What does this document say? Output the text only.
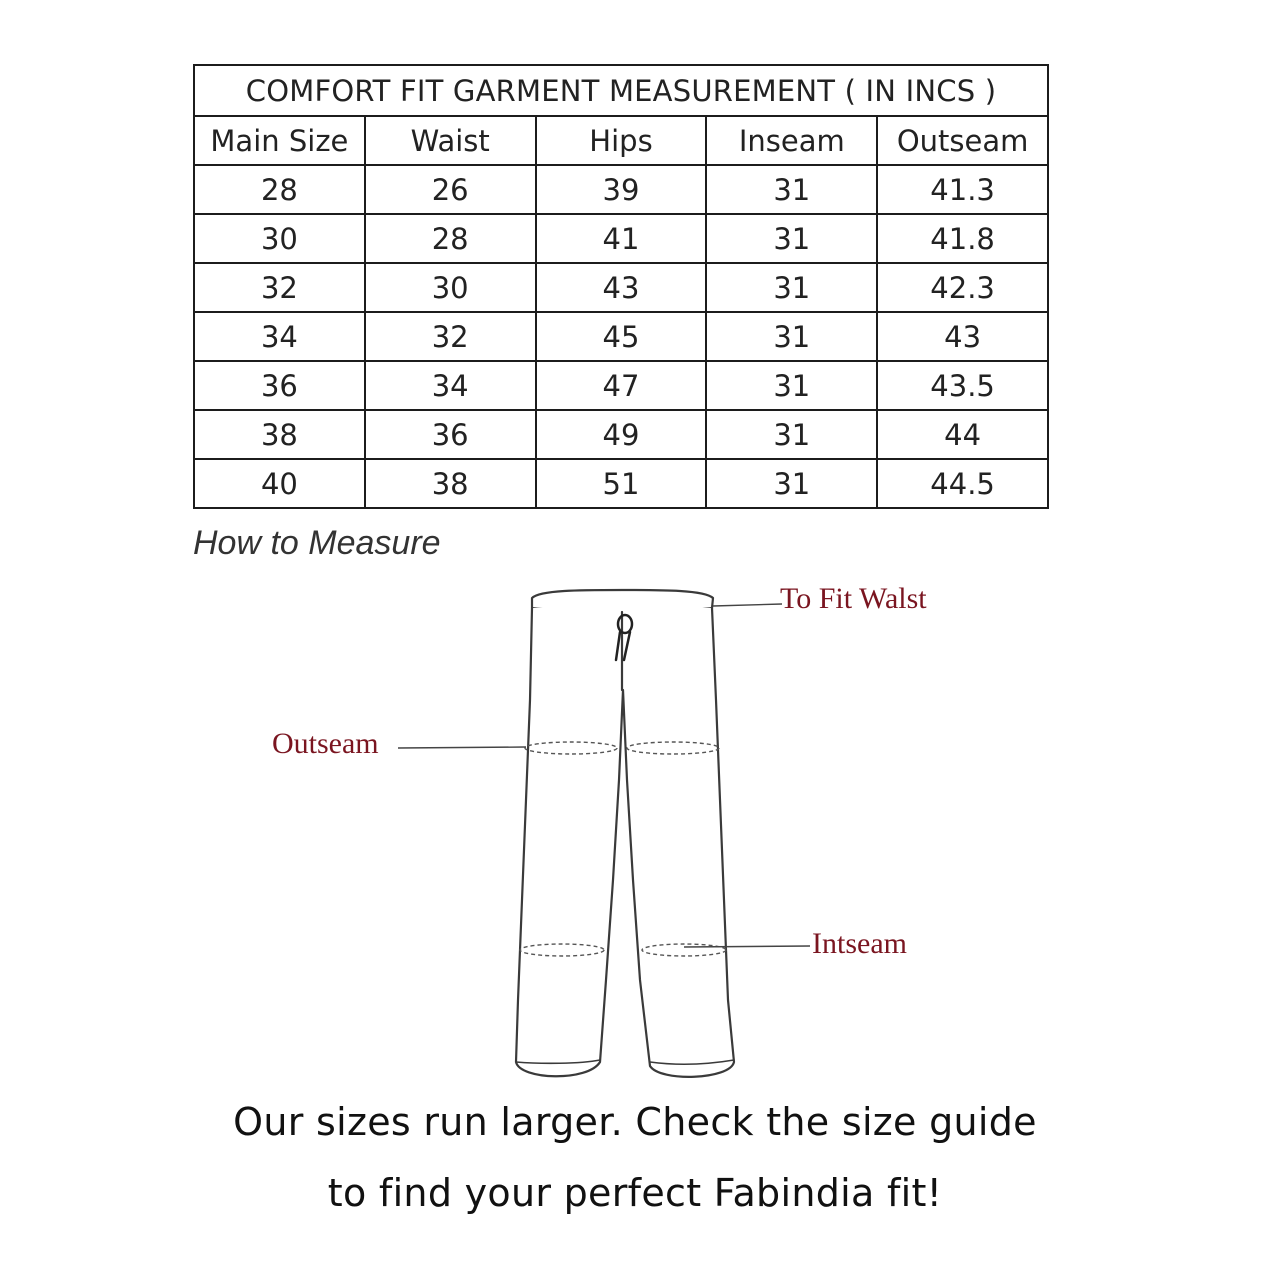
COMFORT FIT GARMENT MEASUREMENT ( IN INCS )				
Main Size	Waist	Hips	Inseam	Outseam
28	26	39	31	41.3
30	28	41	31	41.8
32	30	43	31	42.3
34	32	45	31	43
36	34	47	31	43.5
38	36	49	31	44
40	38	51	31	44.5
How to Measure

To Fit Walst

Outseam

Intseam

Our sizes run larger. Check the size guide

to find your perfect Fabindia fit!
